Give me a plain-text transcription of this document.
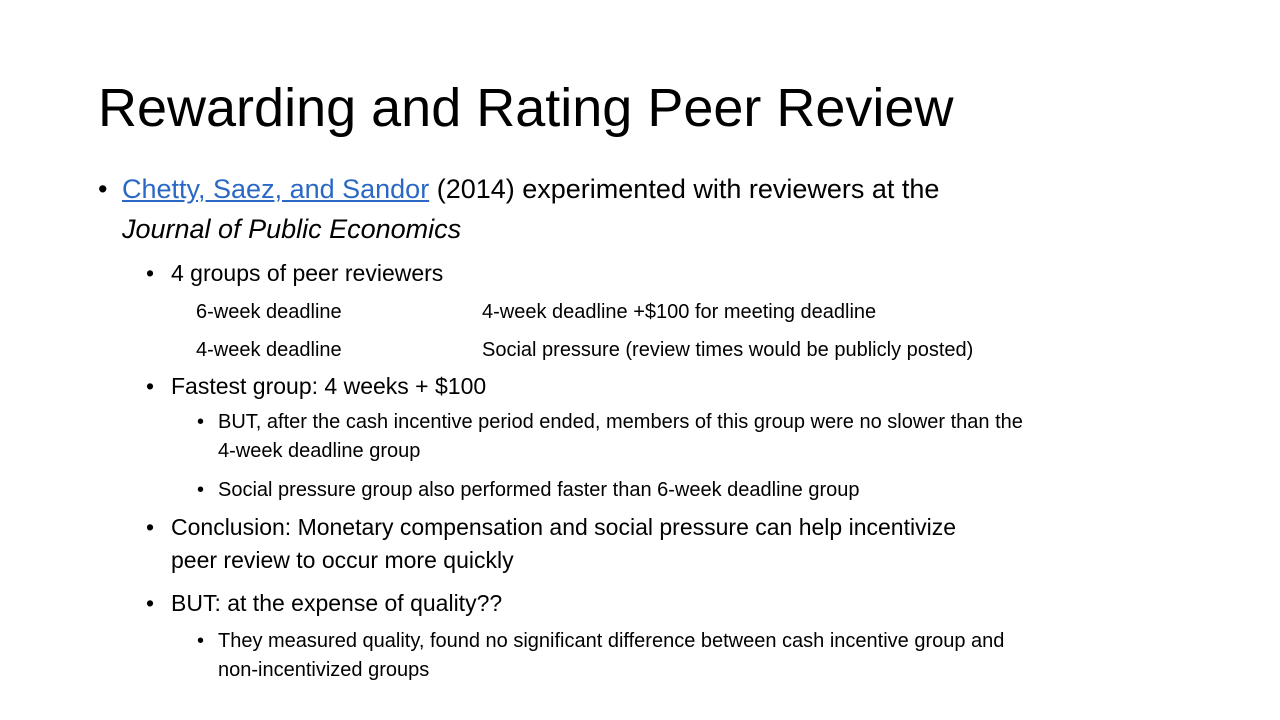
Rewarding and Rating Peer Review
• Chetty, Saez, and Sandor (2014) experimented with reviewers at the
Journal of Public Economics
• 4 groups of peer reviewers
6-week deadline	4-week deadline +$100 for meeting deadline
4-week deadline	Social pressure (review times would be publicly posted)
• Fastest group: 4 weeks + $100
• BUT, after the cash incentive period ended, members of this group were no slower than the
4-week deadline group
• Social pressure group also performed faster than 6-week deadline group
• Conclusion: Monetary compensation and social pressure can help incentivize
peer review to occur more quickly
• BUT: at the expense of quality??
• They measured quality, found no significant difference between cash incentive group and
non-incentivized groups
